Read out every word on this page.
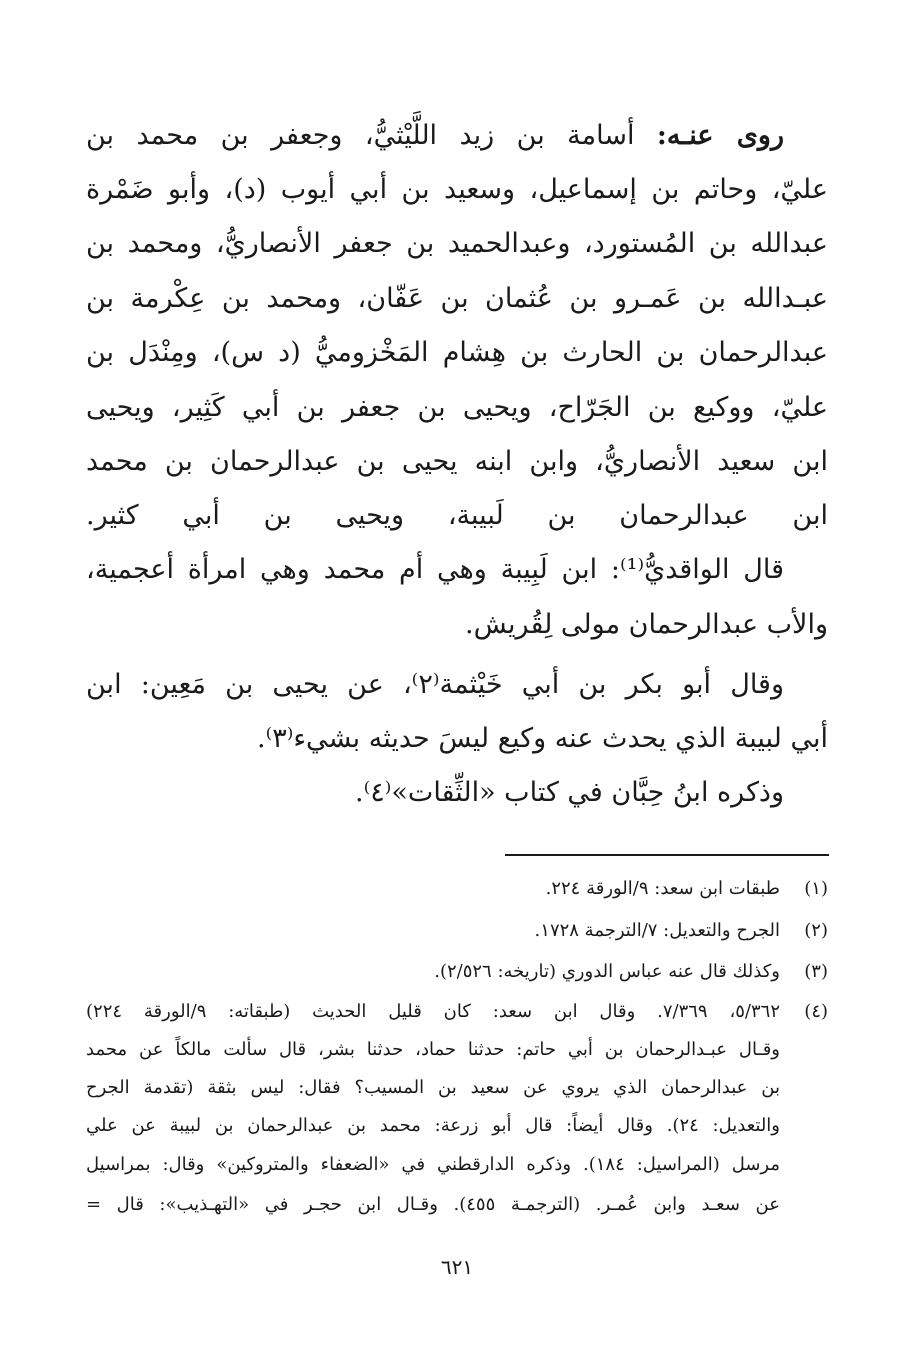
روى عنـه: أسامة بن زيد اللَّيْثيُّ، وجعفر بن محمد بن

عليّ، وحاتم بن إسماعيل، وسعيد بن أبي أيوب (د)، وأبو ضَمْرة

عبدالله بن المُستورد، وعبدالحميد بن جعفر الأنصاريُّ، ومحمد بن

عبـدالله بن عَمـرو بن عُثمان بن عَفّان، ومحمد بن عِكْرمة بن

عبدالرحمان بن الحارث بن هِشام المَخْزوميُّ (د س)، ومِنْدَل بن

عليّ، ووكيع بن الجَرّاح، ويحيى بن جعفر بن أبي كَثِير، ويحيى

ابن سعيد الأنصاريُّ، وابن ابنه يحيى بن عبدالرحمان بن محمد

ابن عبدالرحمان بن لَبيبة، ويحيى بن أبي كثير.

قال الواقديُّ⁽¹⁾: ابن لَبِيبة وهي أم محمد وهي امرأة أعجمية،

والأب عبدالرحمان مولى لِقُريش.

وقال أبو بكر بن أبي خَيْثمة⁽٢⁾، عن يحيى بن مَعِين: ابن

أبي لبيبة الذي يحدث عنه وكيع ليسَ حديثه بشيء⁽٣⁾.

وذكره ابنُ حِبَّان في كتاب «الثِّقات»⁽٤⁾.

(١)طبقات ابن سعد: ٩/الورقة ٢٢٤.

(٢)الجرح والتعديل: ٧/الترجمة ١٧٢٨.

(٣)وكذلك قال عنه عباس الدوري (تاريخه: ٢/٥٢٦).

(٤)٥/٣٦٢، ٧/٣٦٩. وقال ابن سعد: كان قليل الحديث (طبقاته: ٩/الورقة ٢٢٤)

وقـال عبـدالرحمان بن أبي حاتم: حدثنا حماد، حدثنا بشر، قال سألت مالكاً عن محمد

بن عبدالرحمان الذي يروي عن سعيد بن المسيب؟ فقال: ليس بثقة (تقدمة الجرح

والتعديل: ٢٤). وقال أيضاً: قال أبو زرعة: محمد بن عبدالرحمان بن لبيبة عن علي

مرسل (المراسيل: ١٨٤). وذكره الدارقطني في «الضعفاء والمتروكين» وقال: بمراسيل

عن سعـد وابن عُمـر. (الترجمـة ٤٥٥). وقـال ابن حجـر في «التهـذيب»: قال =

٦٢١
